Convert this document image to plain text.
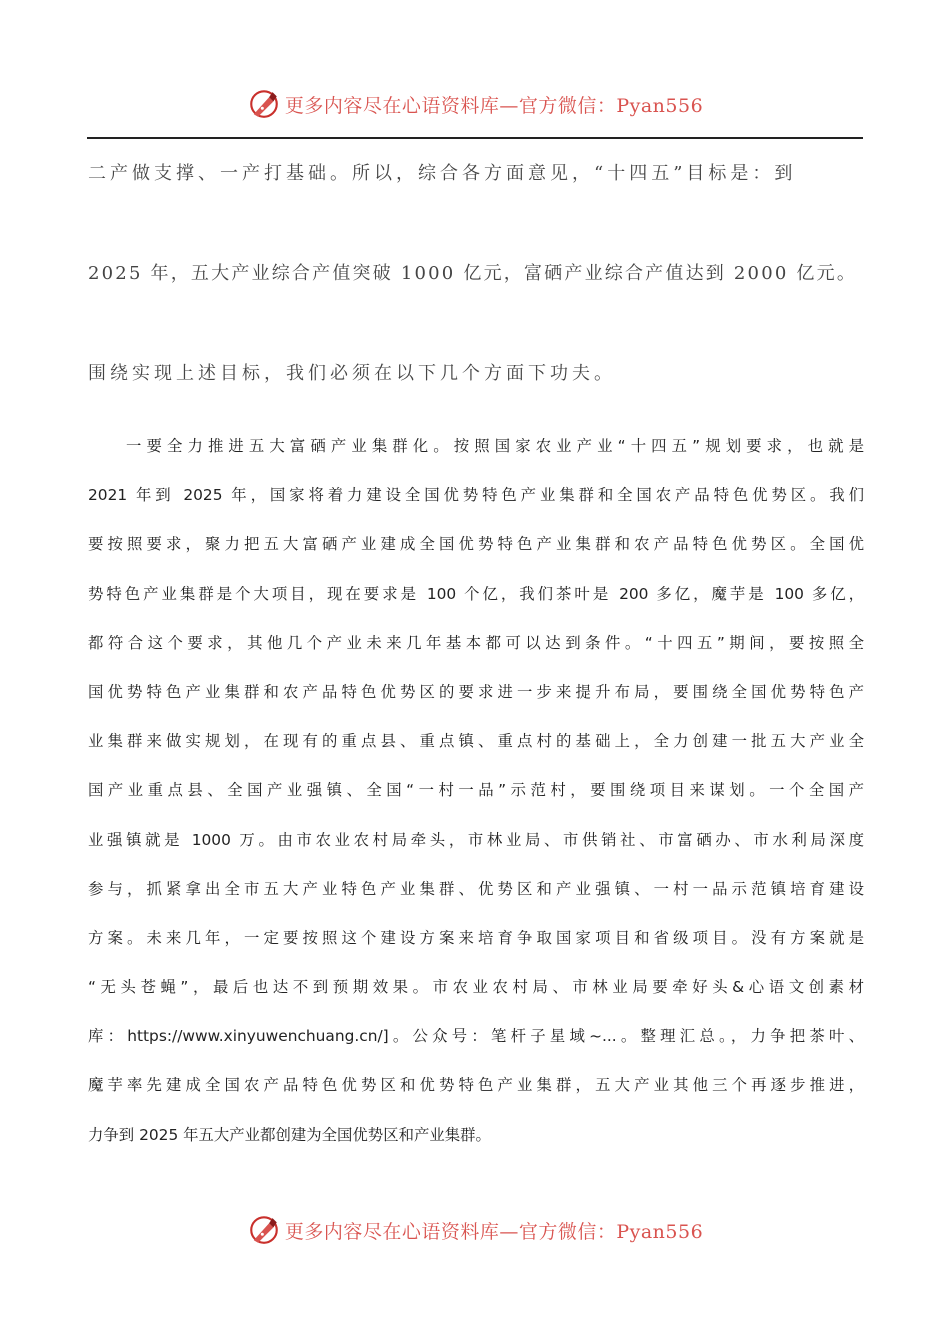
更多内容尽在心语资料库—官方微信：Pyan556
二产做支撑、一产打基础。所以，综合各方面意见，“十四五”目标是：到
2025 年，五大产业综合产值突破 1000 亿元，富硒产业综合产值达到 2000 亿元。
围绕实现上述目标，我们必须在以下几个方面下功夫。
一要全力推进五大富硒产业集群化。按照国家农业产业“十四五”规划要求，也就是
2021 年到 2025 年，国家将着力建设全国优势特色产业集群和全国农产品特色优势区。我们
要按照要求，聚力把五大富硒产业建成全国优势特色产业集群和农产品特色优势区。全国优
势特色产业集群是个大项目，现在要求是 100 个亿，我们茶叶是 200 多亿，魔芋是 100 多亿，
都符合这个要求，其他几个产业未来几年基本都可以达到条件。“十四五”期间，要按照全
国优势特色产业集群和农产品特色优势区的要求进一步来提升布局，要围绕全国优势特色产
业集群来做实规划，在现有的重点县、重点镇、重点村的基础上，全力创建一批五大产业全
国产业重点县、全国产业强镇、全国“一村一品”示范村，要围绕项目来谋划。一个全国产
业强镇就是 1000 万。由市农业农村局牵头，市林业局、市供销社、市富硒办、市水利局深度
参与，抓紧拿出全市五大产业特色产业集群、优势区和产业强镇、一村一品示范镇培育建设
方案。未来几年，一定要按照这个建设方案来培育争取国家项目和省级项目。没有方案就是
“无头苍蝇”，最后也达不到预期效果。市农业农村局、市林业局要牵好头&心语文创素材
库：https://www.xinyuwenchuang.cn/]。公众号：笔杆子星域~...。整理汇总。，力争把茶叶、
魔芋率先建成全国农产品特色优势区和优势特色产业集群，五大产业其他三个再逐步推进，
力争到 2025 年五大产业都创建为全国优势区和产业集群。
更多内容尽在心语资料库—官方微信：Pyan556
